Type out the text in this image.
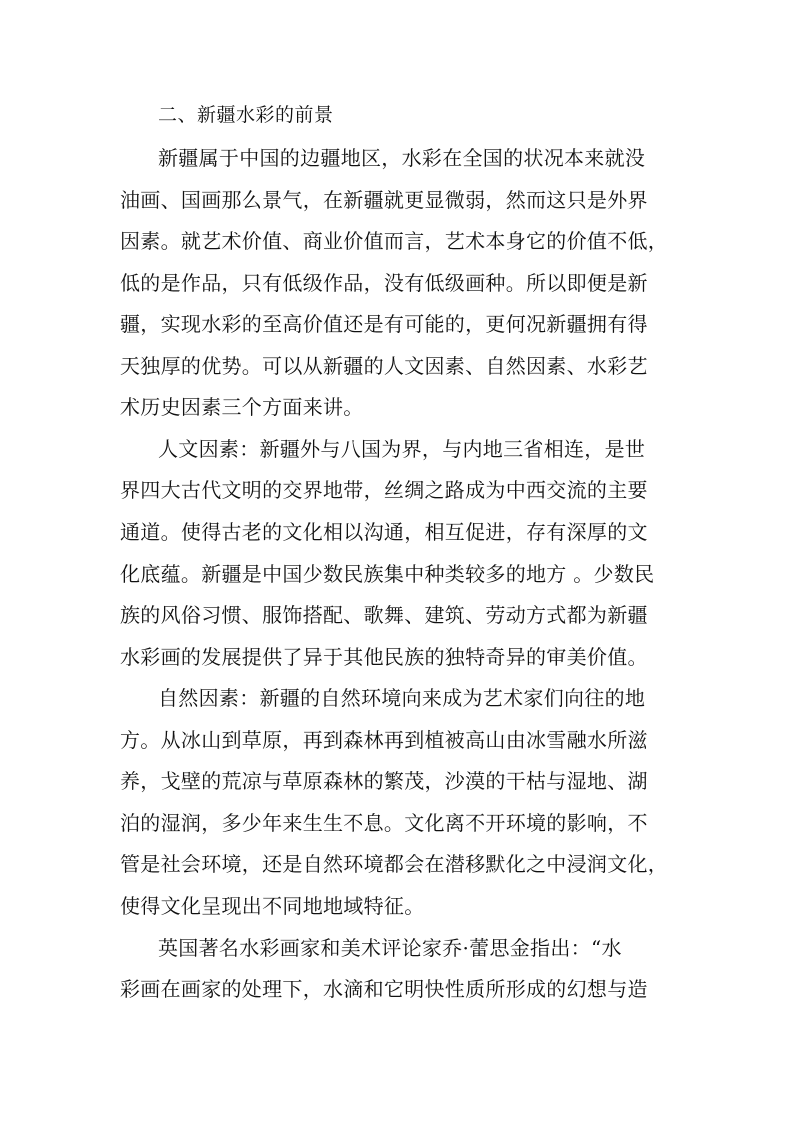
二、新疆水彩的前景
新疆属于中国的边疆地区，水彩在全国的状况本来就没
油画、国画那么景气，在新疆就更显微弱，然而这只是外界
因素。就艺术价值、商业价值而言，艺术本身它的价值不低，
低的是作品，只有低级作品，没有低级画种。所以即便是新
疆，实现水彩的至高价值还是有可能的，更何况新疆拥有得
天独厚的优势。可以从新疆的人文因素、自然因素、水彩艺
术历史因素三个方面来讲。
人文因素：新疆外与八国为界，与内地三省相连，是世
界四大古代文明的交界地带，丝绸之路成为中西交流的主要
通道。使得古老的文化相以沟通，相互促进，存有深厚的文
化底蕴。新疆是中国少数民族集中种类较多的地方 。少数民
族的风俗习惯、服饰搭配、歌舞、建筑、劳动方式都为新疆
水彩画的发展提供了异于其他民族的独特奇异的审美价值。
自然因素：新疆的自然环境向来成为艺术家们向往的地
方。从冰山到草原，再到森林再到植被高山由冰雪融水所滋
养，戈壁的荒凉与草原森林的繁茂，沙漠的干枯与湿地、湖
泊的湿润，多少年来生生不息。文化离不开环境的影响，不
管是社会环境，还是自然环境都会在潜移默化之中浸润文化，
使得文化呈现出不同地地域特征。
英国著名水彩画家和美术评论家乔·蕾思金指出：“水
彩画在画家的处理下，水滴和它明快性质所形成的幻想与造
